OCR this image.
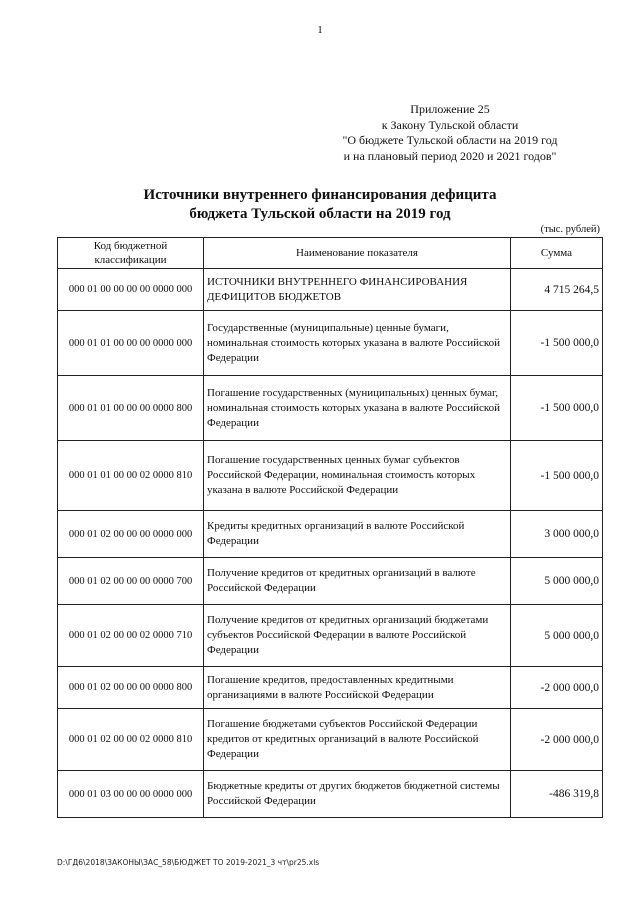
1
Приложение 25
к Закону Тульской области
"О бюджете Тульской области на 2019 год
и на плановый период 2020 и 2021 годов"
Источники внутреннего финансирования дефицита
бюджета Тульской области на 2019 год
(тыс. рублей)
Код бюджетной классификации	Наименование показателя	Сумма
000 01 00 00 00 00 0000 000	ИСТОЧНИКИ ВНУТРЕННЕГО ФИНАНСИРОВАНИЯ ДЕФИЦИТОВ БЮДЖЕТОВ	4 715 264,5
000 01 01 00 00 00 0000 000	Государственные (муниципальные) ценные бумаги, номинальная стоимость которых указана в валюте Российской Федерации	-1 500 000,0
000 01 01 00 00 00 0000 800	Погашение государственных (муниципальных) ценных бумаг, номинальная стоимость которых указана в валюте Российской Федерации	-1 500 000,0
000 01 01 00 00 02 0000 810	Погашение государственных ценных бумаг субъектов Российской Федерации, номинальная стоимость которых указана в валюте Российской Федерации	-1 500 000,0
000 01 02 00 00 00 0000 000	Кредиты кредитных организаций в валюте Российской Федерации	3 000 000,0
000 01 02 00 00 00 0000 700	Получение кредитов от кредитных организаций в валюте Российской Федерации	5 000 000,0
000 01 02 00 00 02 0000 710	Получение кредитов от кредитных организаций бюджетами субъектов Российской Федерации в валюте Российской Федерации	5 000 000,0
000 01 02 00 00 00 0000 800	Погашение кредитов, предоставленных кредитными организациями в валюте Российской Федерации	-2 000 000,0
000 01 02 00 00 02 0000 810	Погашение бюджетами субъектов Российской Федерации кредитов от кредитных организаций в валюте Российской Федерации	-2 000 000,0
000 01 03 00 00 00 0000 000	Бюджетные кредиты от других бюджетов бюджетной системы Российской Федерации	-486 319,8
D:\ГД6\2018\ЗАКОНЫ\ЗАС_58\БЮДЖЕТ ТО 2019-2021_3 чт\рr25.xls
